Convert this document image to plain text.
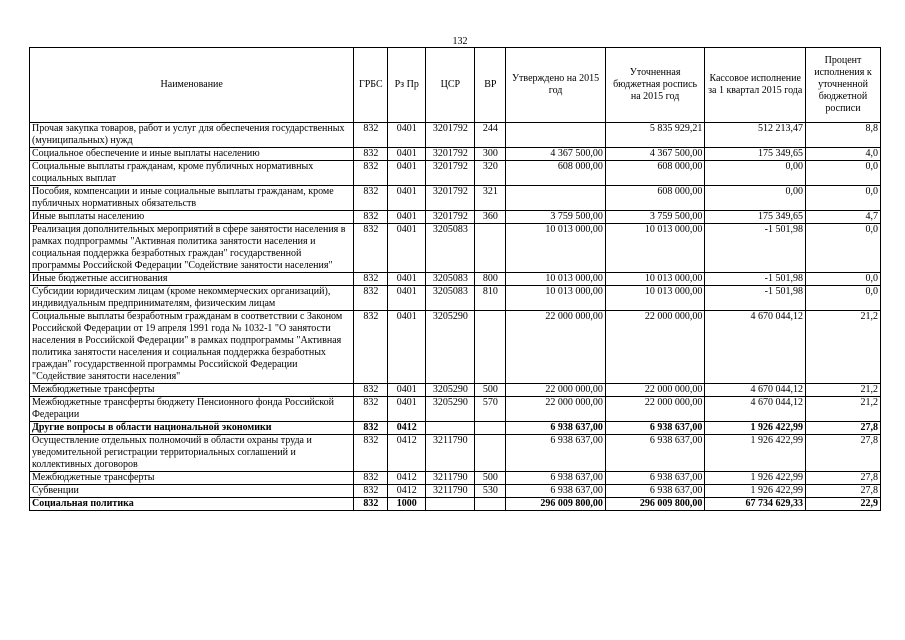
132
Наименование	ГРБС	Рз Пр	ЦСР	ВР	Утверждено на 2015 год	Уточненная бюджетная роспись на 2015 год	Кассовое исполнение за 1 квартал 2015 года	Процент исполнения к уточненной бюджетной росписи
Прочая закупка товаров, работ и услуг для обеспечения государственных (муниципальных) нужд	832	0401	3201792	244		5 835 929,21	512 213,47	8,8
Социальное обеспечение и иные выплаты населению	832	0401	3201792	300	4 367 500,00	4 367 500,00	175 349,65	4,0
Социальные выплаты гражданам, кроме публичных нормативных социальных выплат	832	0401	3201792	320	608 000,00	608 000,00	0,00	0,0
Пособия, компенсации и иные социальные выплаты гражданам, кроме публичных нормативных обязательств	832	0401	3201792	321		608 000,00	0,00	0,0
Иные выплаты населению	832	0401	3201792	360	3 759 500,00	3 759 500,00	175 349,65	4,7
Реализация дополнительных мероприятий в сфере занятости населения в рамках подпрограммы "Активная политика занятости населения и социальная поддержка безработных граждан" государственной программы Российской Федерации "Содействие занятости населения"	832	0401	3205083		10 013 000,00	10 013 000,00	-1 501,98	0,0
Иные бюджетные ассигнования	832	0401	3205083	800	10 013 000,00	10 013 000,00	-1 501,98	0,0
Субсидии юридическим лицам (кроме некоммерческих организаций), индивидуальным предпринимателям, физическим лицам	832	0401	3205083	810	10 013 000,00	10 013 000,00	-1 501,98	0,0
Социальные выплаты безработным гражданам в соответствии с Законом Российской Федерации от 19 апреля 1991 года № 1032-1 "О занятости населения в Российской Федерации" в рамках подпрограммы "Активная политика занятости населения и социальная поддержка безработных граждан" государственной программы Российской Федерации "Содействие занятости населения"	832	0401	3205290		22 000 000,00	22 000 000,00	4 670 044,12	21,2
Межбюджетные трансферты	832	0401	3205290	500	22 000 000,00	22 000 000,00	4 670 044,12	21,2
Межбюджетные трансферты бюджету Пенсионного фонда Российской Федерации	832	0401	3205290	570	22 000 000,00	22 000 000,00	4 670 044,12	21,2
Другие вопросы в области национальной экономики	832	0412			6 938 637,00	6 938 637,00	1 926 422,99	27,8
Осуществление отдельных полномочий в области охраны труда и уведомительной регистрации территориальных соглашений и коллективных договоров	832	0412	3211790		6 938 637,00	6 938 637,00	1 926 422,99	27,8
Межбюджетные трансферты	832	0412	3211790	500	6 938 637,00	6 938 637,00	1 926 422,99	27,8
Субвенции	832	0412	3211790	530	6 938 637,00	6 938 637,00	1 926 422,99	27,8
Социальная политика	832	1000			296 009 800,00	296 009 800,00	67 734 629,33	22,9
